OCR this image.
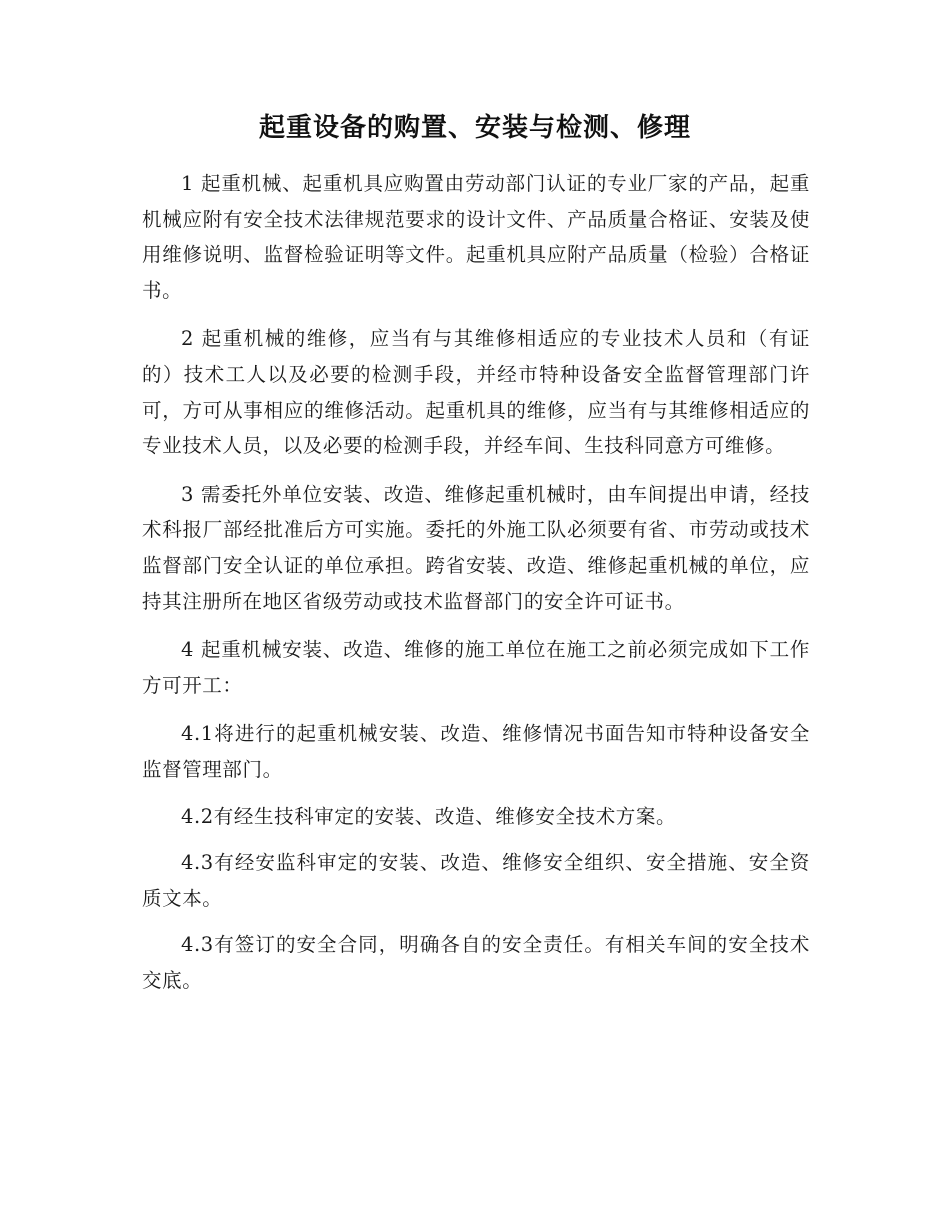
起重设备的购置、安装与检测、修理

1 起重机械、起重机具应购置由劳动部门认证的专业厂家的产品，起重机械应附有安全技术法律规范要求的设计文件、产品质量合格证、安装及使用维修说明、监督检验证明等文件。起重机具应附产品质量（检验）合格证书。

2 起重机械的维修，应当有与其维修相适应的专业技术人员和（有证的）技术工人以及必要的检测手段，并经市特种设备安全监督管理部门许可，方可从事相应的维修活动。起重机具的维修，应当有与其维修相适应的专业技术人员，以及必要的检测手段，并经车间、生技科同意方可维修。

3 需委托外单位安装、改造、维修起重机械时，由车间提出申请，经技术科报厂部经批准后方可实施。委托的外施工队必须要有省、市劳动或技术监督部门安全认证的单位承担。跨省安装、改造、维修起重机械的单位，应持其注册所在地区省级劳动或技术监督部门的安全许可证书。

4 起重机械安装、改造、维修的施工单位在施工之前必须完成如下工作方可开工：

4.1将进行的起重机械安装、改造、维修情况书面告知市特种设备安全监督管理部门。

4.2有经生技科审定的安装、改造、维修安全技术方案。

4.3有经安监科审定的安装、改造、维修安全组织、安全措施、安全资质文本。

4.3有签订的安全合同，明确各自的安全责任。有相关车间的安全技术交底。
